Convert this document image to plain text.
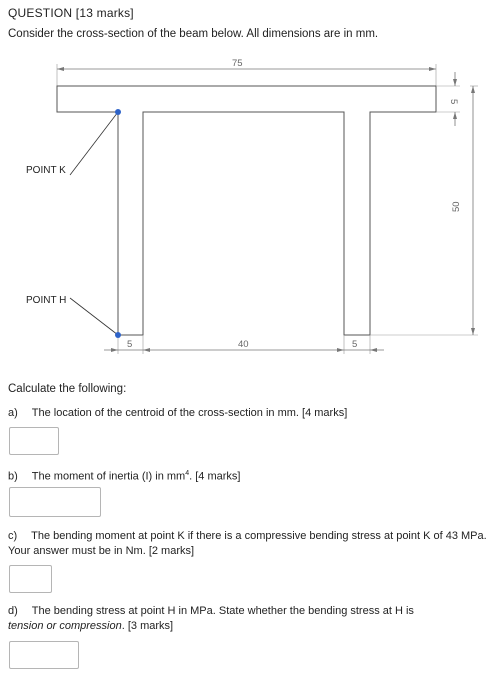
QUESTION [13 marks]
Consider the cross-section of the beam below. All dimensions are in mm.
75
5
50
5	40	5
POINT K
POINT H
Calculate the following:
a) The location of the centroid of the cross-section in mm. [4 marks]
b) The moment of inertia (I) in $mm^4$. [4 marks]
c) The bending moment at point K if there is a compressive bending stress at point K of 43 MPa. Your answer must be in Nm. [2 marks]
d) The bending stress at point H in MPa. State whether the bending stress at H is
tension or compression. [3 marks]
